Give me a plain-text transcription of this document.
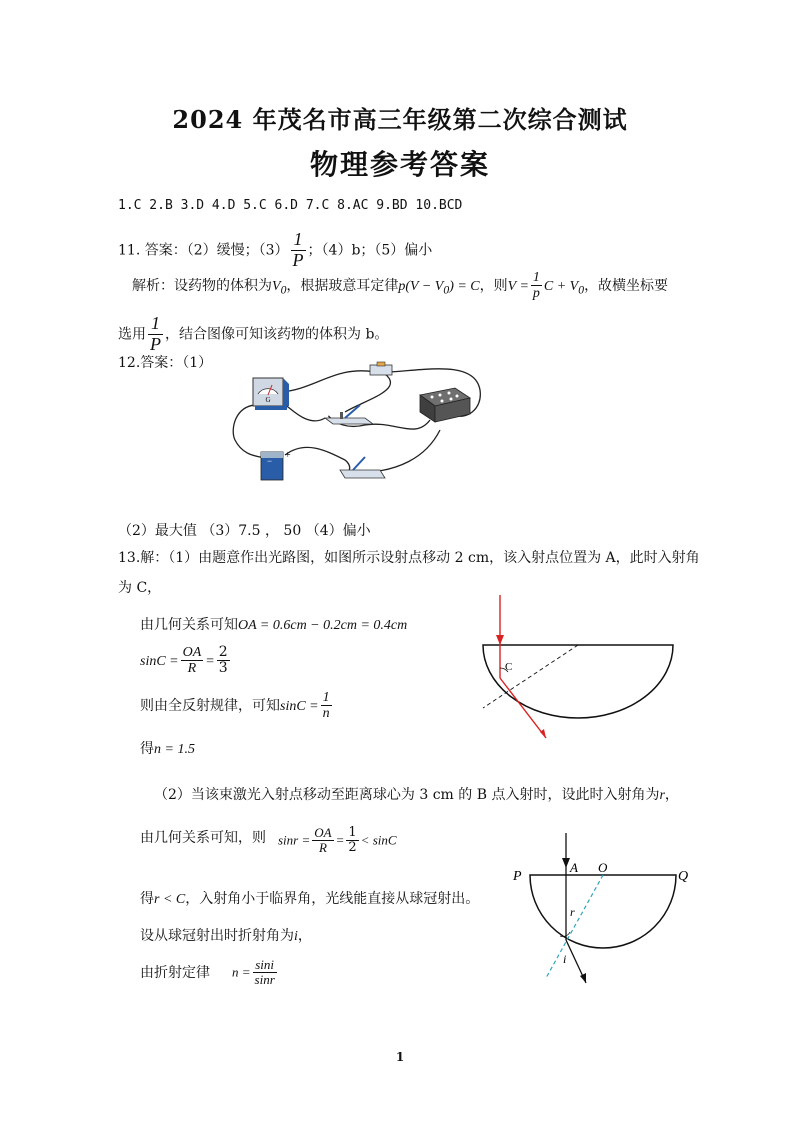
2024 年茂名市高三年级第二次综合测试
物理参考答案
1.C 2.B 3.D 4.D 5.C 6.D 7.C 8.AC 9.BD 10.BCD
11. 答案：（2）缓慢；$(3) \frac{1}{P}$ ；（4）b；（5）偏小
解析：设药物的体积为$V_0$，根据玻意耳定律$p(V - V_0) = C$，则$V = \frac{1}{p}$ $C + V_0$，故横坐标要
选用 $\frac{1}{P}$ ，结合图像可知该药物的体积为 b。
12.答案：（1）
G
− +
（2）最大值 （3）7.5 ， 50 （4）偏小
13.解：（1）由题意作出光路图，如图所示设射点移动 2 cm，该入射点位置为 A，此时入射角
为 C，
由几何关系可知OA = 0.6cm − 0.2cm = 0.4cm
$\sin C = \frac{OA}{R} = \frac{2}{3}$
则由全反射规律，可知$\sin C = \frac{1}{n}$
得n = 1.5
C
（2）当该束激光入射点移动至距离球心为 3 cm 的 B 点入射时，设此时入射角为r，
由几何关系可知，则 $\sin r = \frac{OA}{R} = \frac{1}{2} < \sin C$
得r < C，入射角小于临界角，光线能直接从球冠射出。
设从球冠射出时折射角为i，
由折射定律 $n = \frac{\sin i}{\sin r}$
P
A O
Q
r
i
1
